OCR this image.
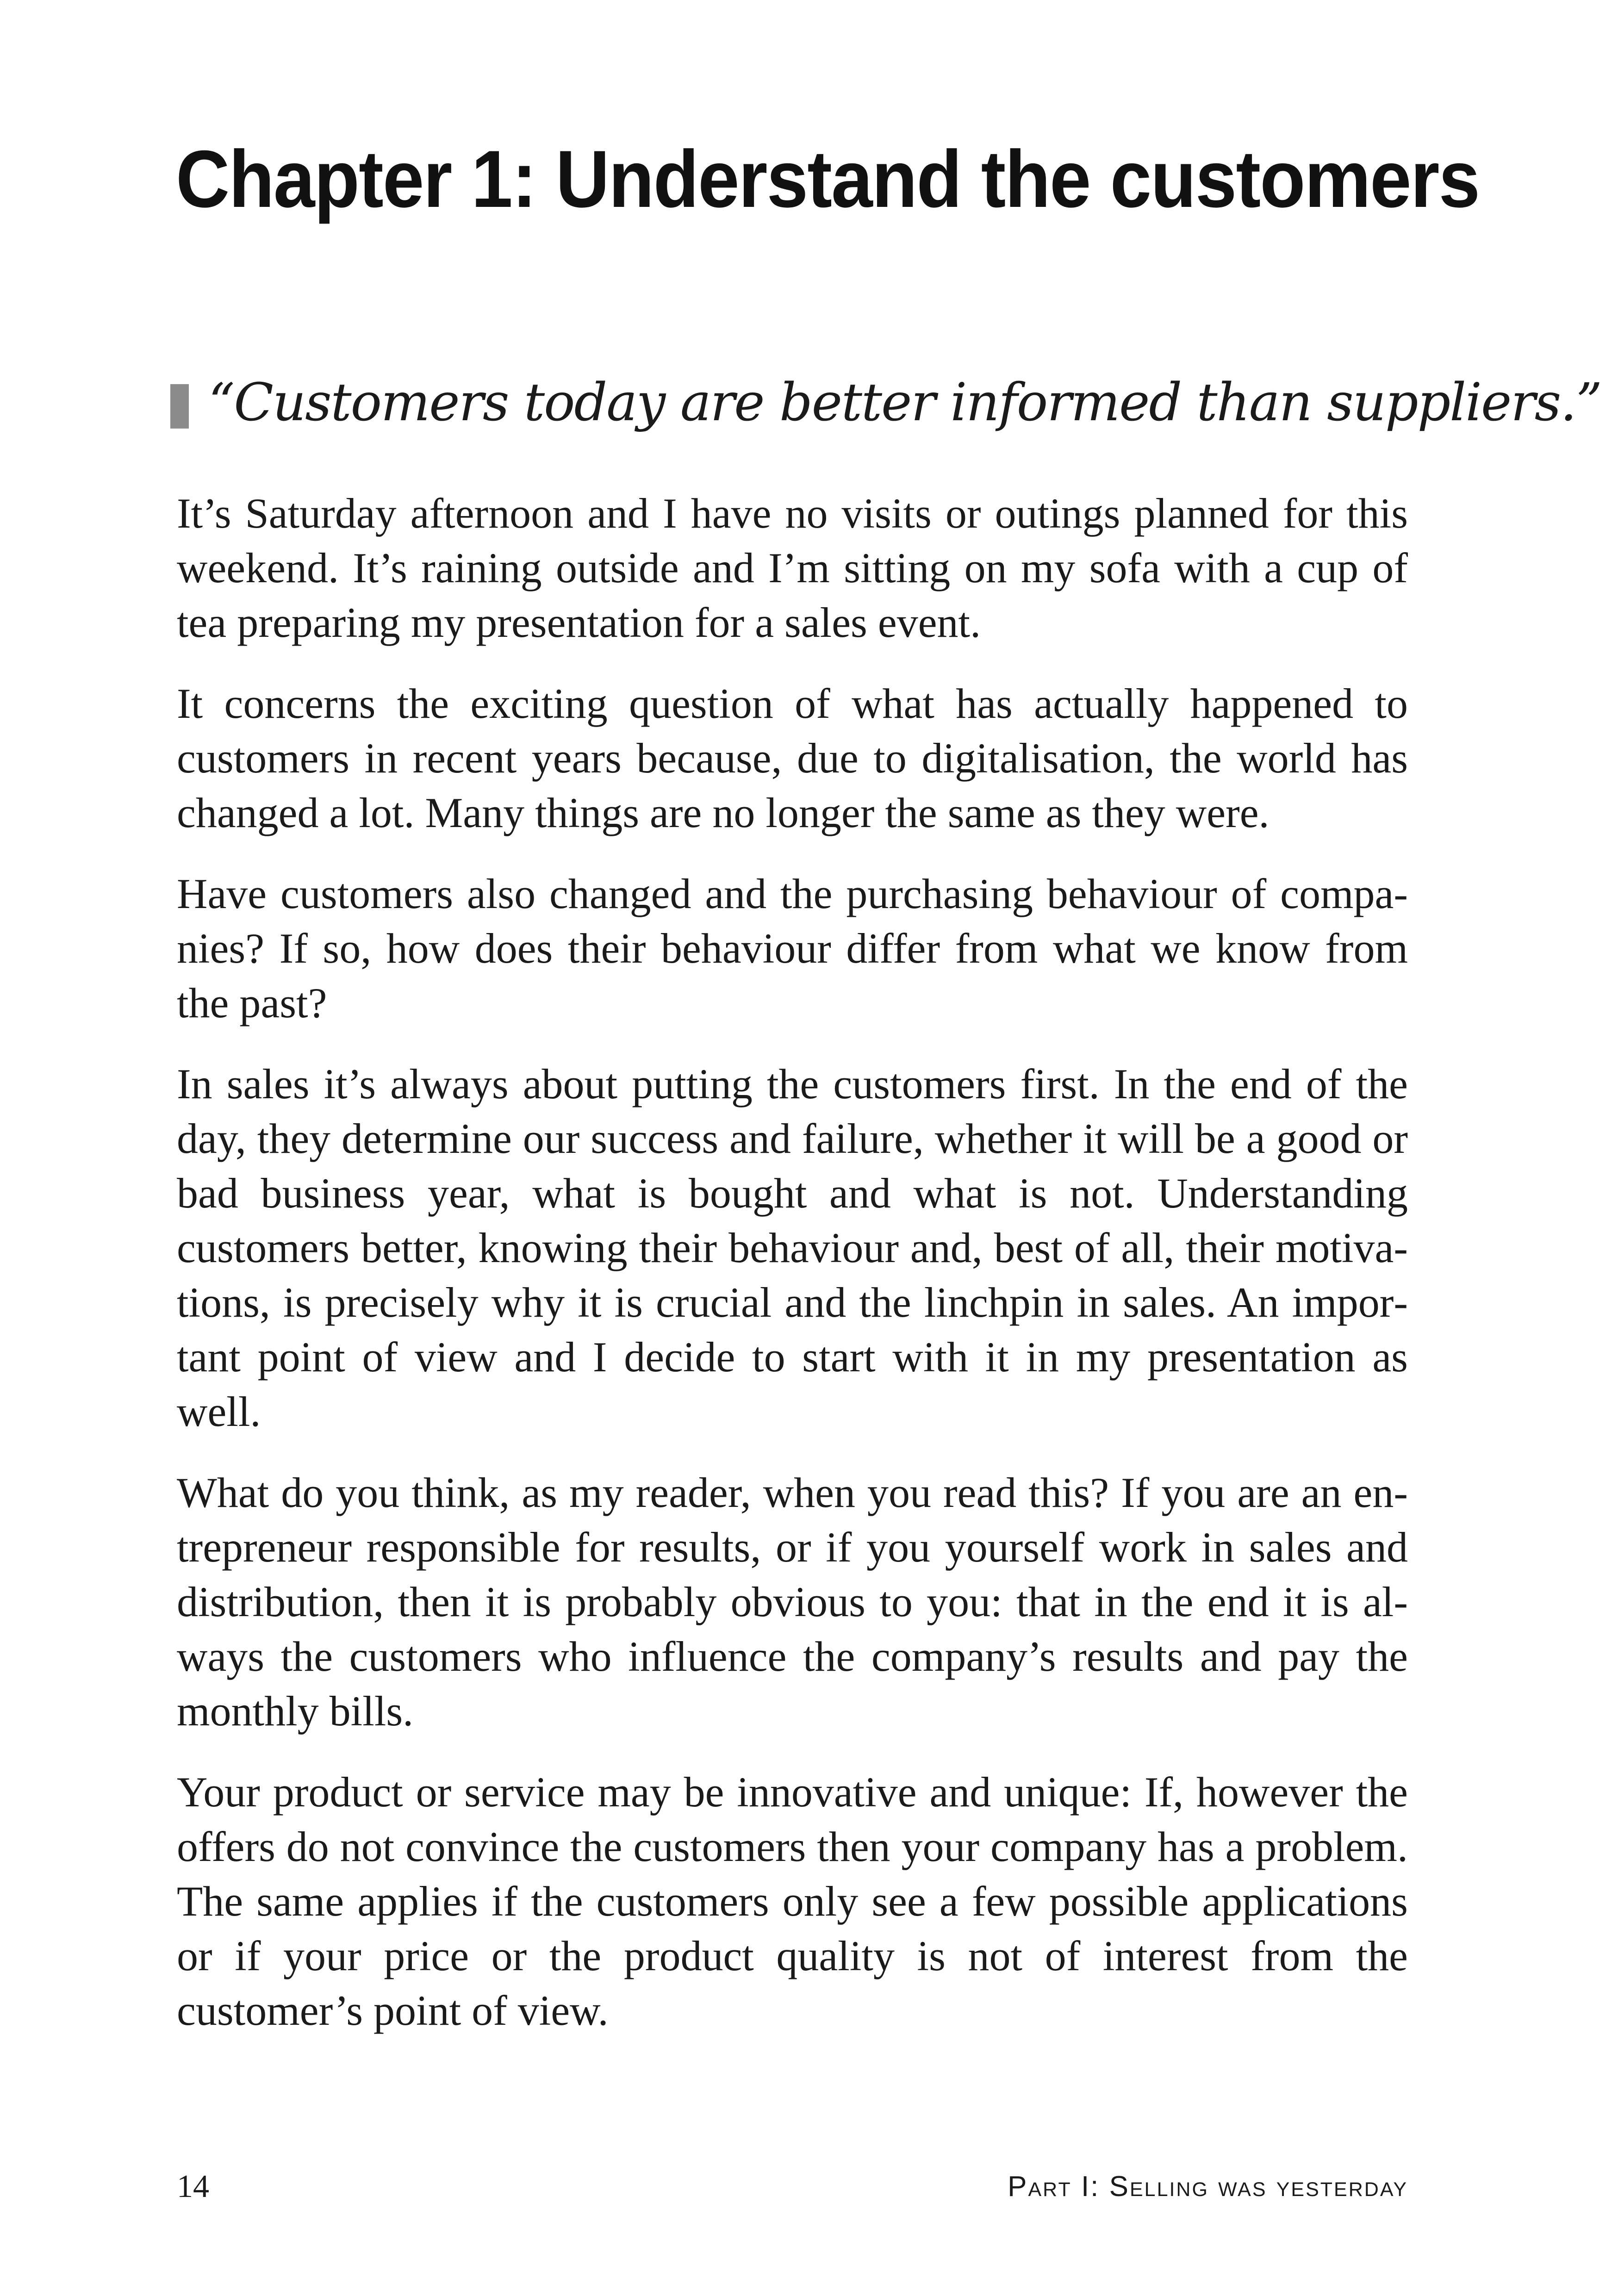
Chapter 1: Understand the customers
“Customers today are better informed than suppliers.”

It’s Saturday afternoon and I have no visits or outings planned for this weekend. It’s raining outside and I’m sitting on my sofa with a cup of tea preparing my presentation for a sales event.

It concerns the exciting question of what has actually happened to customers in recent years because, due to digitalisation, the world has changed a lot. Many things are no longer the same as they were.

Have customers also changed and the purchasing behaviour of companies? If so, how does their behaviour differ from what we know from the past?

In sales it’s always about putting the customers first. In the end of the day, they determine our success and failure, whether it will be a good or bad business year, what is bought and what is not. Understanding customers better, knowing their behaviour and, best of all, their motivations, is precisely why it is crucial and the linchpin in sales. An important point of view and I decide to start with it in my presentation as well.

What do you think, as my reader, when you read this? If you are an entrepreneur responsible for results, or if you yourself work in sales and distribution, then it is probably obvious to you: that in the end it is always the customers who influence the company’s results and pay the monthly bills.

Your product or service may be innovative and unique: If, however the offers do not convince the customers then your company has a problem. The same applies if the customers only see a few possible applications or if your price or the product quality is not of interest from the customer’s point of view.

14	Part I: Selling was yesterday
